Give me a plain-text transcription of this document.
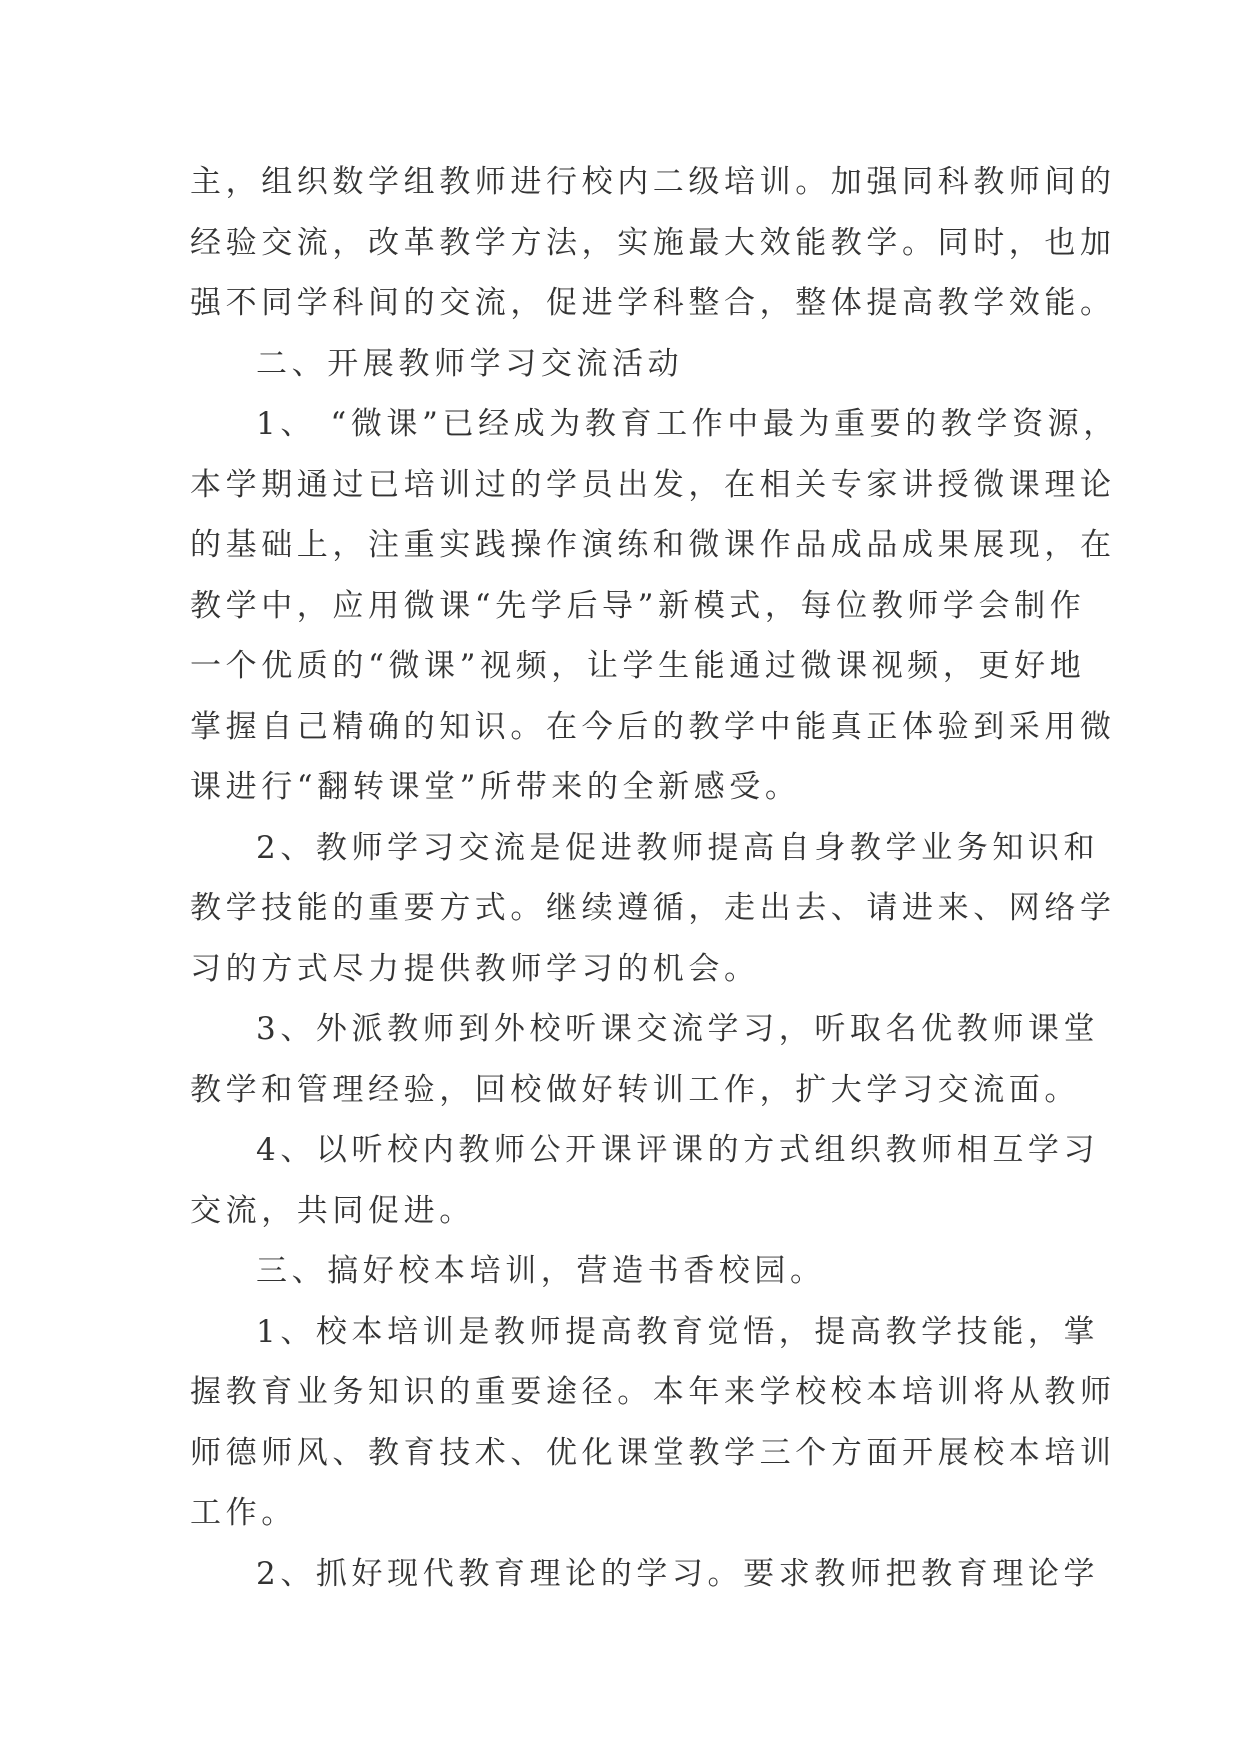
主，组织数学组教师进行校内二级培训。加强同科教师间的
经验交流，改革教学方法，实施最大效能教学。同时，也加
强不同学科间的交流，促进学科整合，整体提高教学效能。

二、开展教师学习交流活动

1、 “微课”已经成为教育工作中最为重要的教学资源，
本学期通过已培训过的学员出发，在相关专家讲授微课理论
的基础上，注重实践操作演练和微课作品成品成果展现，在
教学中，应用微课“先学后导”新模式，每位教师学会制作
一个优质的“微课”视频，让学生能通过微课视频，更好地
掌握自己精确的知识。在今后的教学中能真正体验到采用微
课进行“翻转课堂”所带来的全新感受。

2、教师学习交流是促进教师提高自身教学业务知识和
教学技能的重要方式。继续遵循，走出去、请进来、网络学
习的方式尽力提供教师学习的机会。

3、外派教师到外校听课交流学习，听取名优教师课堂
教学和管理经验，回校做好转训工作，扩大学习交流面。

4、以听校内教师公开课评课的方式组织教师相互学习
交流，共同促进。

三、搞好校本培训，营造书香校园。

1、校本培训是教师提高教育觉悟，提高教学技能，掌
握教育业务知识的重要途径。本年来学校校本培训将从教师
师德师风、教育技术、优化课堂教学三个方面开展校本培训
工作。

2、抓好现代教育理论的学习。要求教师把教育理论学
